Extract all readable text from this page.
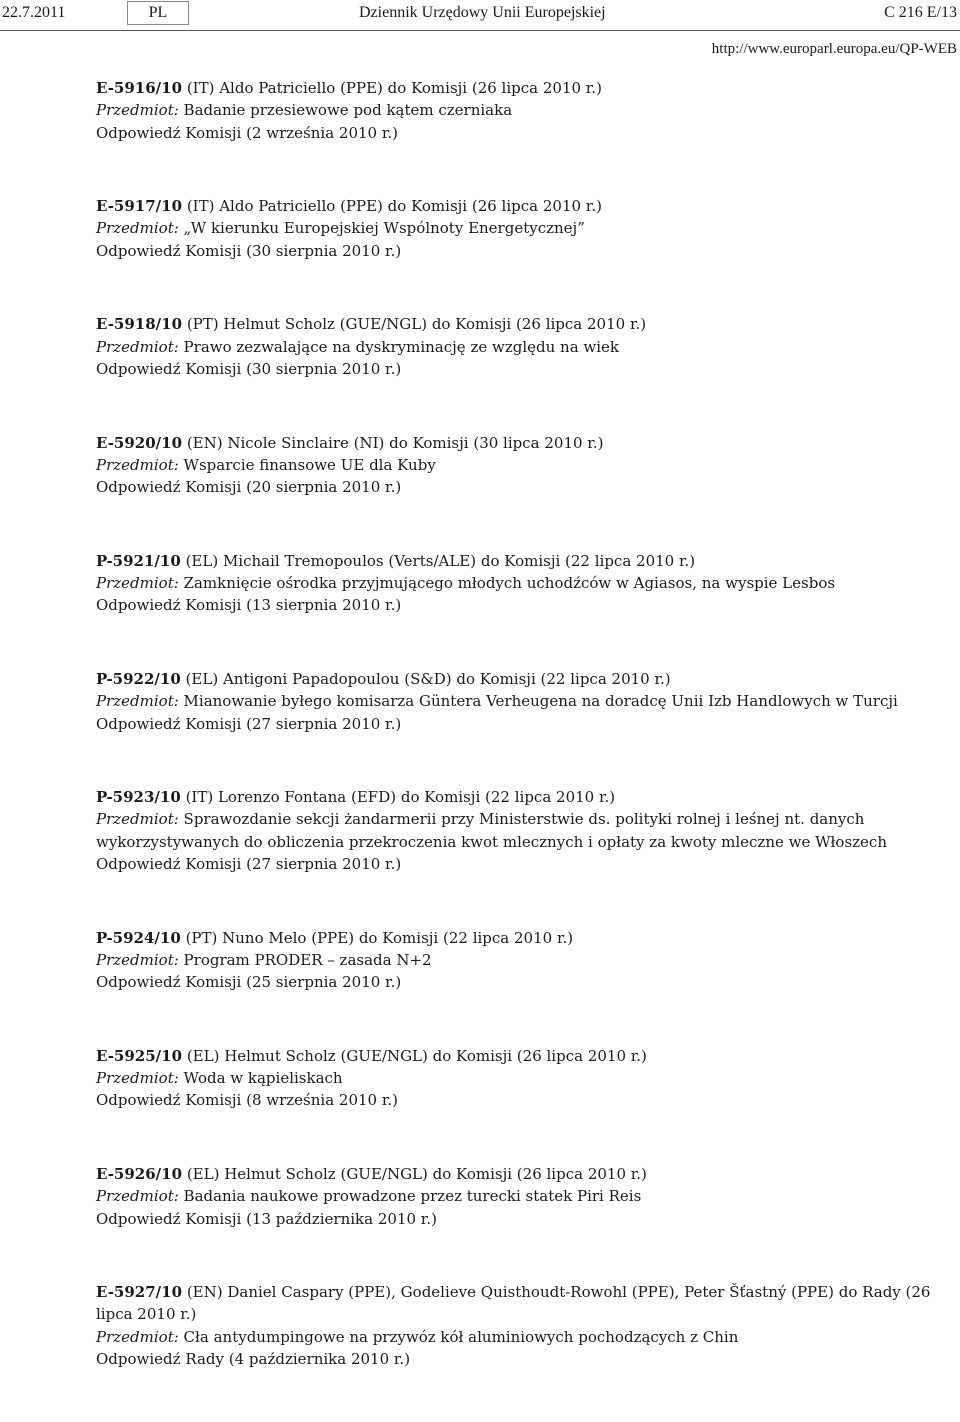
22.7.2011	PL	Dziennik Urzędowy Unii Europejskiej	C 216 E/13
http://www.europarl.europa.eu/QP-WEB
E-5916/10 (IT) Aldo Patriciello (PPE) do Komisji (26 lipca 2010 r.)
Przedmiot: Badanie przesiewowe pod kątem czerniaka
Odpowiedź Komisji (2 września 2010 r.)
E-5917/10 (IT) Aldo Patriciello (PPE) do Komisji (26 lipca 2010 r.)
Przedmiot: „W kierunku Europejskiej Wspólnoty Energetycznej”
Odpowiedź Komisji (30 sierpnia 2010 r.)
E-5918/10 (PT) Helmut Scholz (GUE/NGL) do Komisji (26 lipca 2010 r.)
Przedmiot: Prawo zezwalające na dyskryminację ze względu na wiek
Odpowiedź Komisji (30 sierpnia 2010 r.)
E-5920/10 (EN) Nicole Sinclaire (NI) do Komisji (30 lipca 2010 r.)
Przedmiot: Wsparcie finansowe UE dla Kuby
Odpowiedź Komisji (20 sierpnia 2010 r.)
P-5921/10 (EL) Michail Tremopoulos (Verts/ALE) do Komisji (22 lipca 2010 r.)
Przedmiot: Zamknięcie ośrodka przyjmującego młodych uchodźców w Agiasos, na wyspie Lesbos
Odpowiedź Komisji (13 sierpnia 2010 r.)
P-5922/10 (EL) Antigoni Papadopoulou (S&D) do Komisji (22 lipca 2010 r.)
Przedmiot: Mianowanie byłego komisarza Güntera Verheugena na doradcę Unii Izb Handlowych w Turcji
Odpowiedź Komisji (27 sierpnia 2010 r.)
P-5923/10 (IT) Lorenzo Fontana (EFD) do Komisji (22 lipca 2010 r.)
Przedmiot: Sprawozdanie sekcji żandarmerii przy Ministerstwie ds. polityki rolnej i leśnej nt. danych wykorzystywanych do obliczenia przekroczenia kwot mlecznych i opłaty za kwoty mleczne we Włoszech
Odpowiedź Komisji (27 sierpnia 2010 r.)
P-5924/10 (PT) Nuno Melo (PPE) do Komisji (22 lipca 2010 r.)
Przedmiot: Program PRODER – zasada N+2
Odpowiedź Komisji (25 sierpnia 2010 r.)
E-5925/10 (EL) Helmut Scholz (GUE/NGL) do Komisji (26 lipca 2010 r.)
Przedmiot: Woda w kąpieliskach
Odpowiedź Komisji (8 września 2010 r.)
E-5926/10 (EL) Helmut Scholz (GUE/NGL) do Komisji (26 lipca 2010 r.)
Przedmiot: Badania naukowe prowadzone przez turecki statek Piri Reis
Odpowiedź Komisji (13 października 2010 r.)
E-5927/10 (EN) Daniel Caspary (PPE), Godelieve Quisthoudt-Rowohl (PPE), Peter Šťastný (PPE) do Rady (26 lipca 2010 r.)
Przedmiot: Cła antydumpingowe na przywóz kół aluminiowych pochodzących z Chin
Odpowiedź Rady (4 października 2010 r.)
